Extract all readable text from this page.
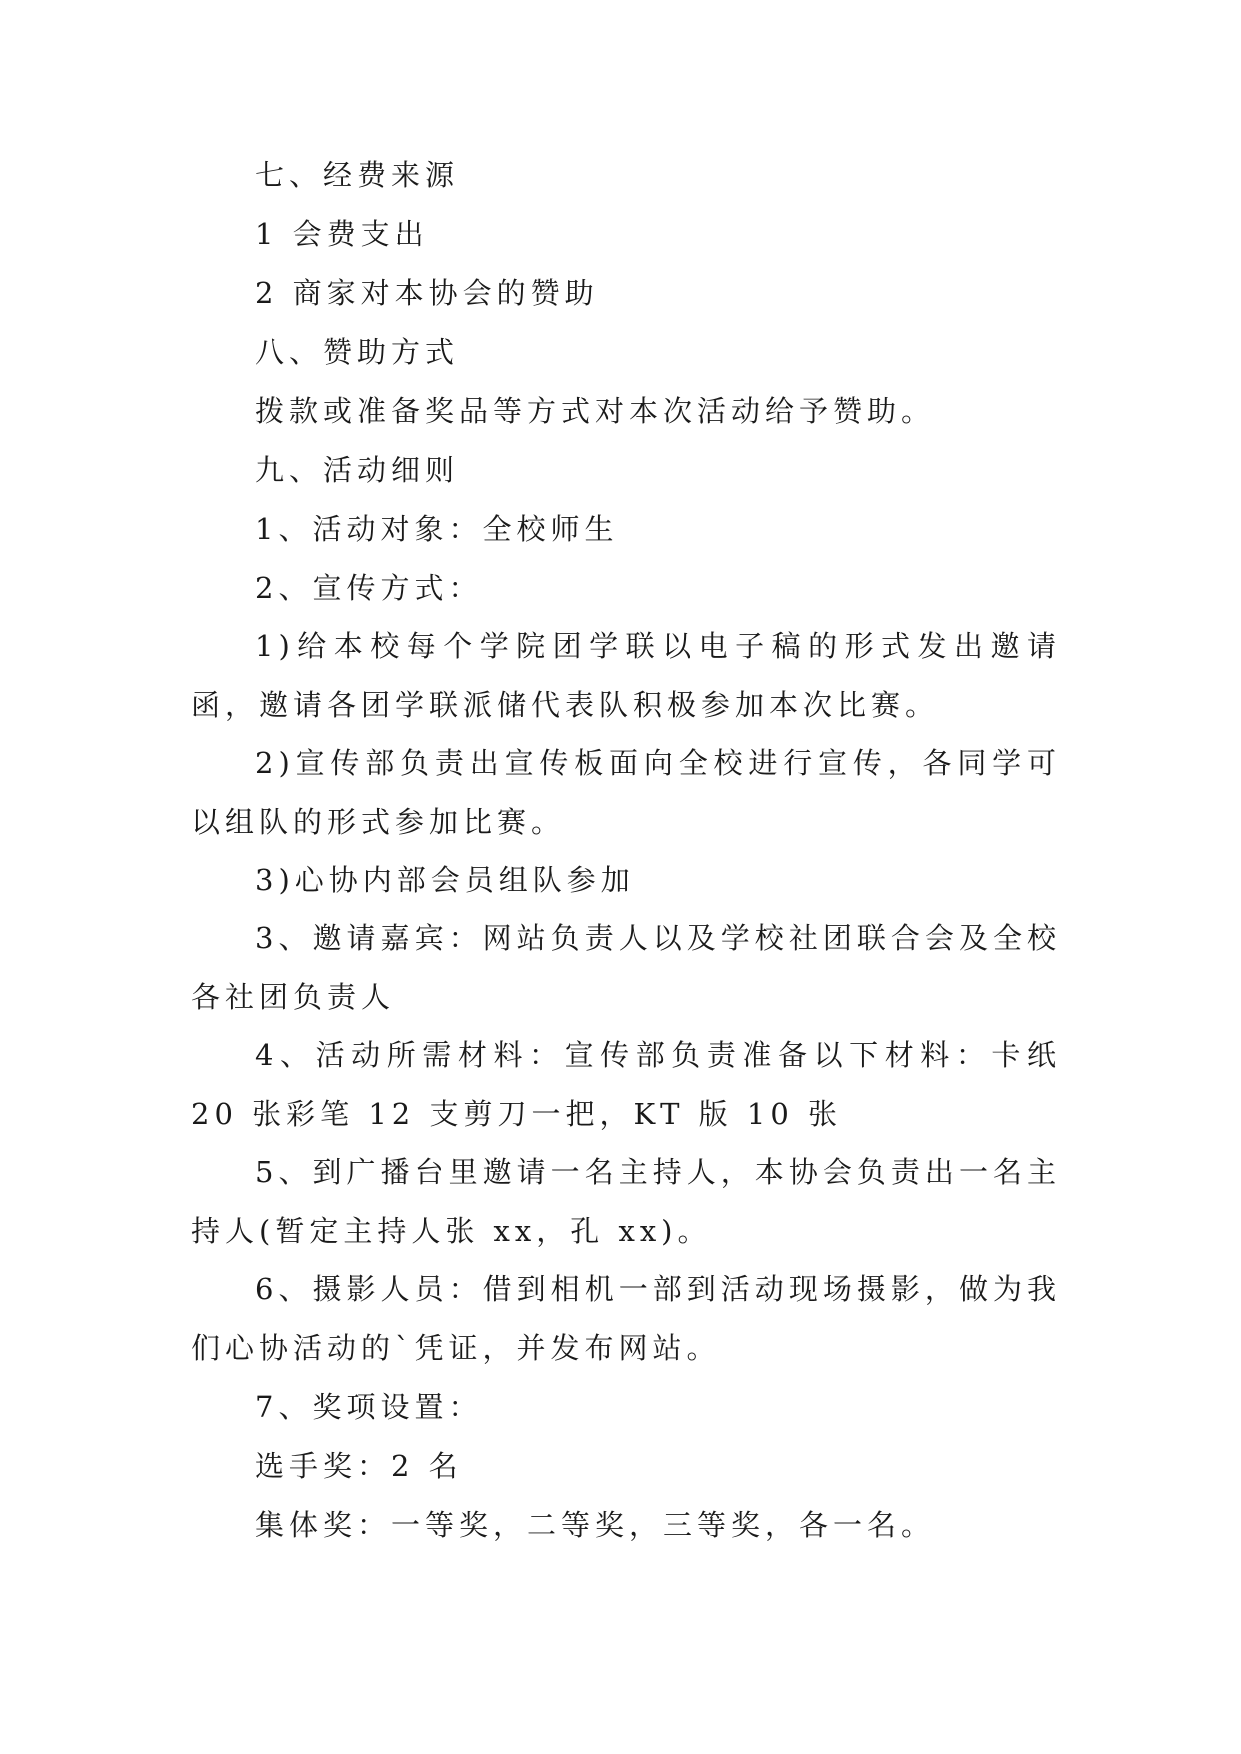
七、经费来源
1 会费支出
2 商家对本协会的赞助
八、赞助方式
拨款或准备奖品等方式对本次活动给予赞助。
九、活动细则
1、活动对象：全校师生
2、宣传方式：
1)给本校每个学院团学联以电子稿的形式发出邀请函，邀请各团学联派储代表队积极参加本次比赛。
2)宣传部负责出宣传板面向全校进行宣传，各同学可以组队的形式参加比赛。
3)心协内部会员组队参加
3、邀请嘉宾：网站负责人以及学校社团联合会及全校各社团负责人
4、活动所需材料：宣传部负责准备以下材料：卡纸 20 张彩笔 12 支剪刀一把，KT 版 10 张
5、到广播台里邀请一名主持人，本协会负责出一名主持人(暂定主持人张 xx，孔 xx)。
6、摄影人员：借到相机一部到活动现场摄影，做为我们心协活动的`凭证，并发布网站。
7、奖项设置：
选手奖：2 名
集体奖：一等奖，二等奖，三等奖，各一名。
